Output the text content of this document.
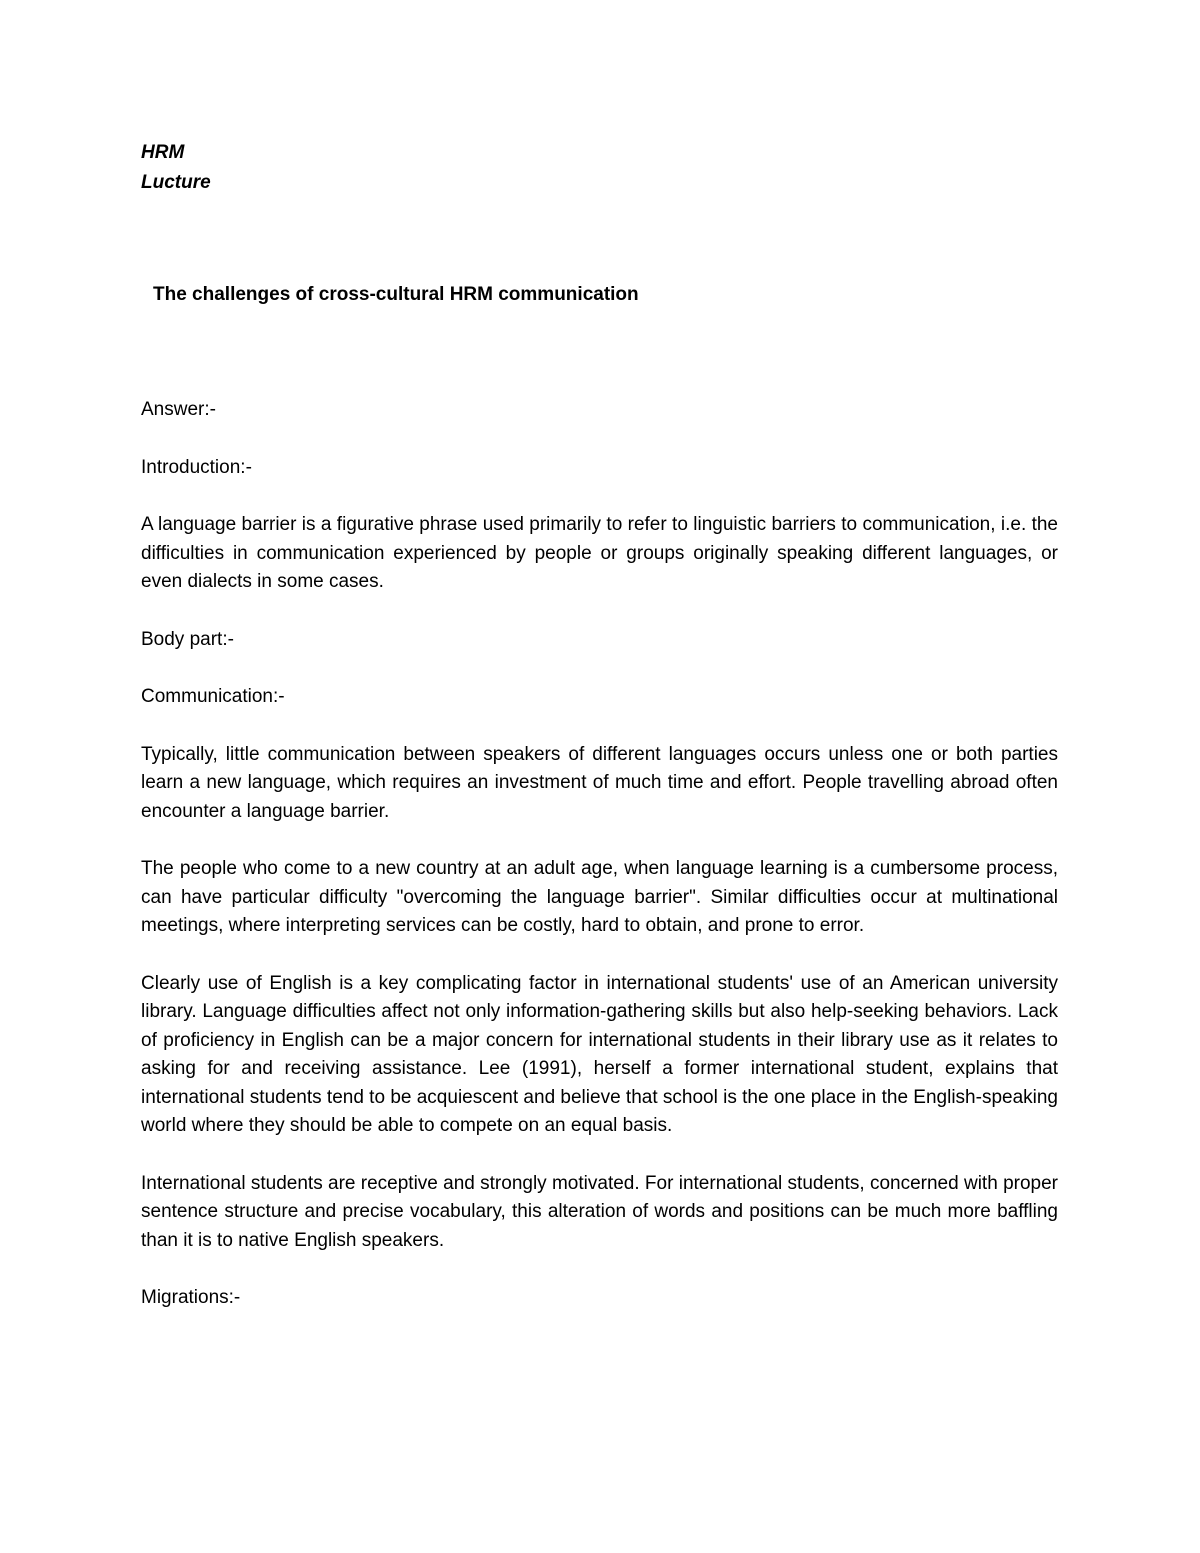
HRM

Lucture

The challenges of cross-cultural HRM communication

Answer:-

Introduction:-

A language barrier is a figurative phrase used primarily to refer to linguistic barriers to communication, i.e. the difficulties in communication experienced by people or groups originally speaking different languages, or even dialects in some cases.

Body part:-

Communication:-

Typically, little communication between speakers of different languages occurs unless one or both parties learn a new language, which requires an investment of much time and effort. People travelling abroad often encounter a language barrier.

The people who come to a new country at an adult age, when language learning is a cumbersome process, can have particular difficulty "overcoming the language barrier". Similar difficulties occur at multinational meetings, where interpreting services can be costly, hard to obtain, and prone to error.

Clearly use of English is a key complicating factor in international students' use of an American university library. Language difficulties affect not only information-gathering skills but also help-seeking behaviors. Lack of proficiency in English can be a major concern for international students in their library use as it relates to asking for and receiving assistance. Lee (1991), herself a former international student, explains that international students tend to be acquiescent and believe that school is the one place in the English-speaking world where they should be able to compete on an equal basis.

International students are receptive and strongly motivated. For international students, concerned with proper sentence structure and precise vocabulary, this alteration of words and positions can be much more baffling than it is to native English speakers.

Migrations:-
